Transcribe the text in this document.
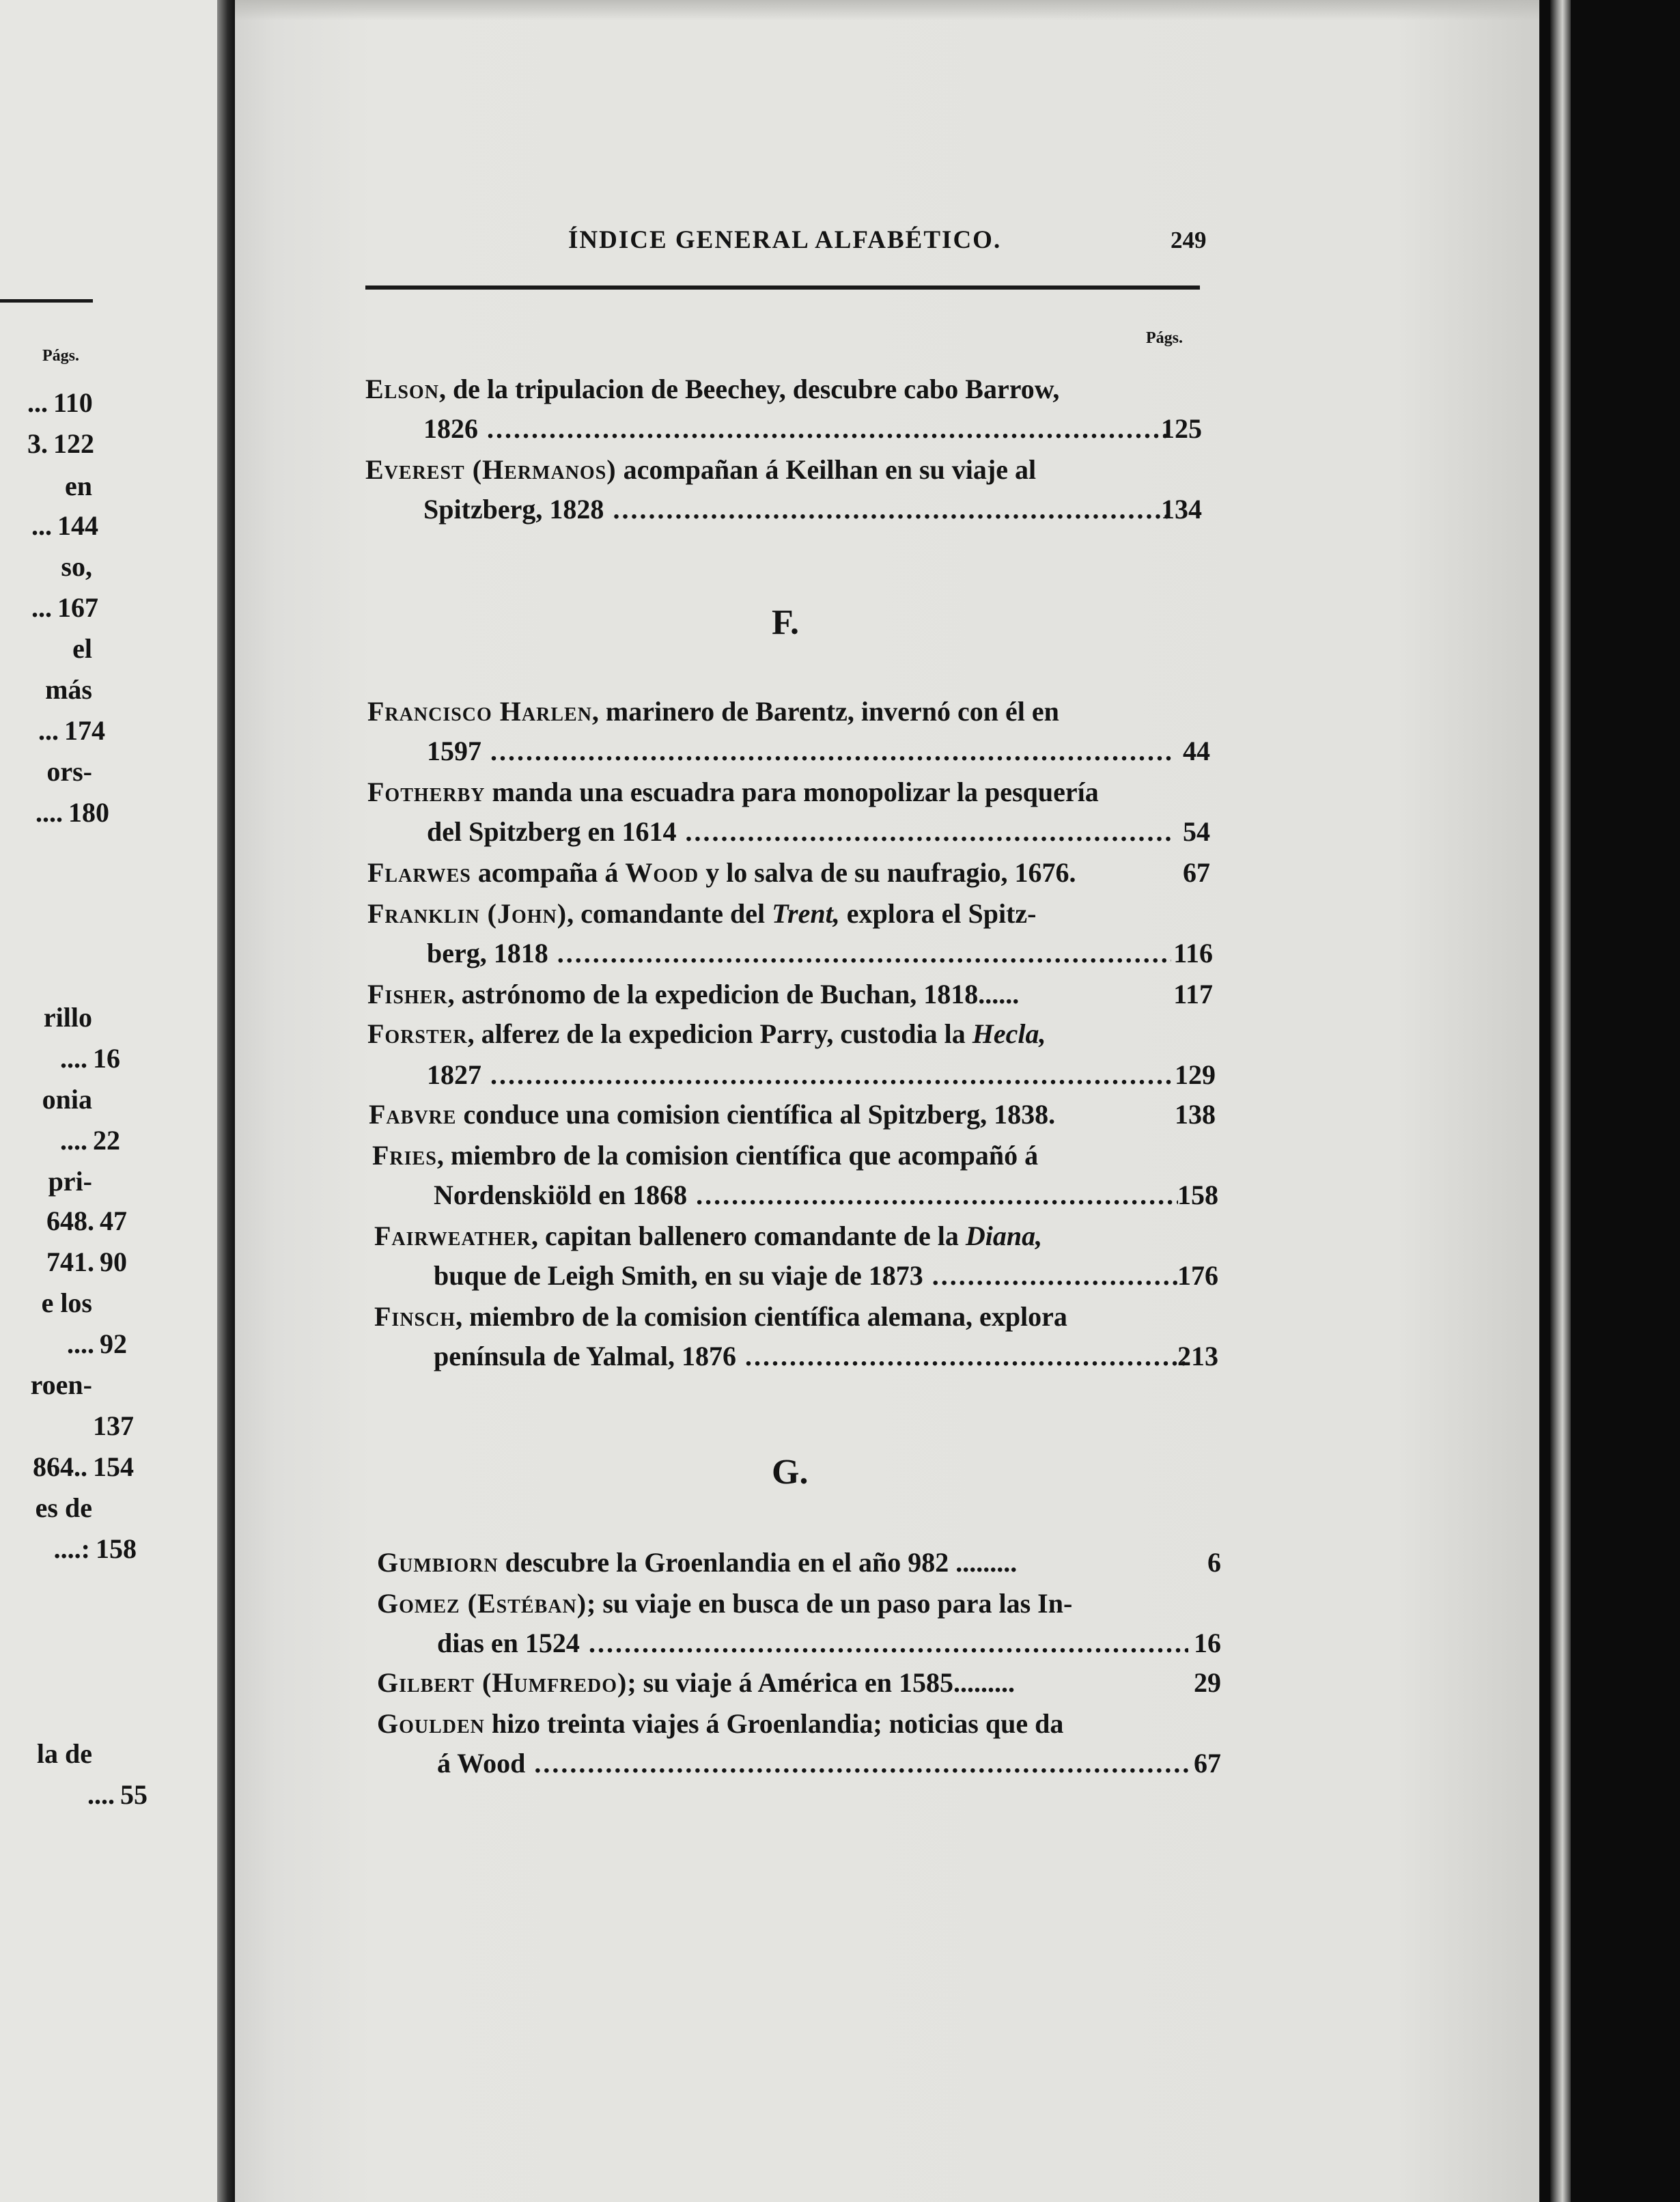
Págs.
... 110
3. 122
en
... 144
so,
... 167
el
más
... 174
ors-
.... 180
rillo
.... 16
onia
.... 22
pri-
648. 47
741. 90
e los
.... 92
roen-
137
864.. 154
es de
....: 158
la de
.... 55
ÍNDICE GENERAL ALFABÉTICO.	249
Págs.
Elson, de la tripulacion de Beechey, descubre cabo Barrow,
1826 .....	125
Everest (Hermanos) acompañan á Keilhan en su viaje al
Spitzberg, 1828 .....	134
F.
Francisco Harlen, marinero de Barentz, invernó con él en
1597 .....	44
Fotherby manda una escuadra para monopolizar la pesquería
del Spitzberg en 1614 .....	54
Flarwes acompaña á Wood y lo salva de su naufragio, 1676.	67
Franklin (John), comandante del Trent, explora el Spitz-
berg, 1818 .....	116
Fisher, astrónomo de la expedicion de Buchan, 1818......	117
Forster, alferez de la expedicion Parry, custodia la Hecla,
1827 .....	129
Fabvre conduce una comision científica al Spitzberg, 1838.	138
Fries, miembro de la comision científica que acompañó á
Nordenskiöld en 1868 .....	158
Fairweather, capitan ballenero comandante de la Diana,
buque de Leigh Smith, en su viaje de 1873 .....	176
Finsch, miembro de la comision científica alemana, explora
península de Yalmal, 1876 .....	213
G.
Gumbiorn descubre la Groenlandia en el año 982 .........	6
Gomez (Estéban); su viaje en busca de un paso para las In-
dias en 1524 .....	16
Gilbert (Humfredo); su viaje á América en 1585.........	29
Goulden hizo treinta viajes á Groenlandia; noticias que da
á Wood .....	67
